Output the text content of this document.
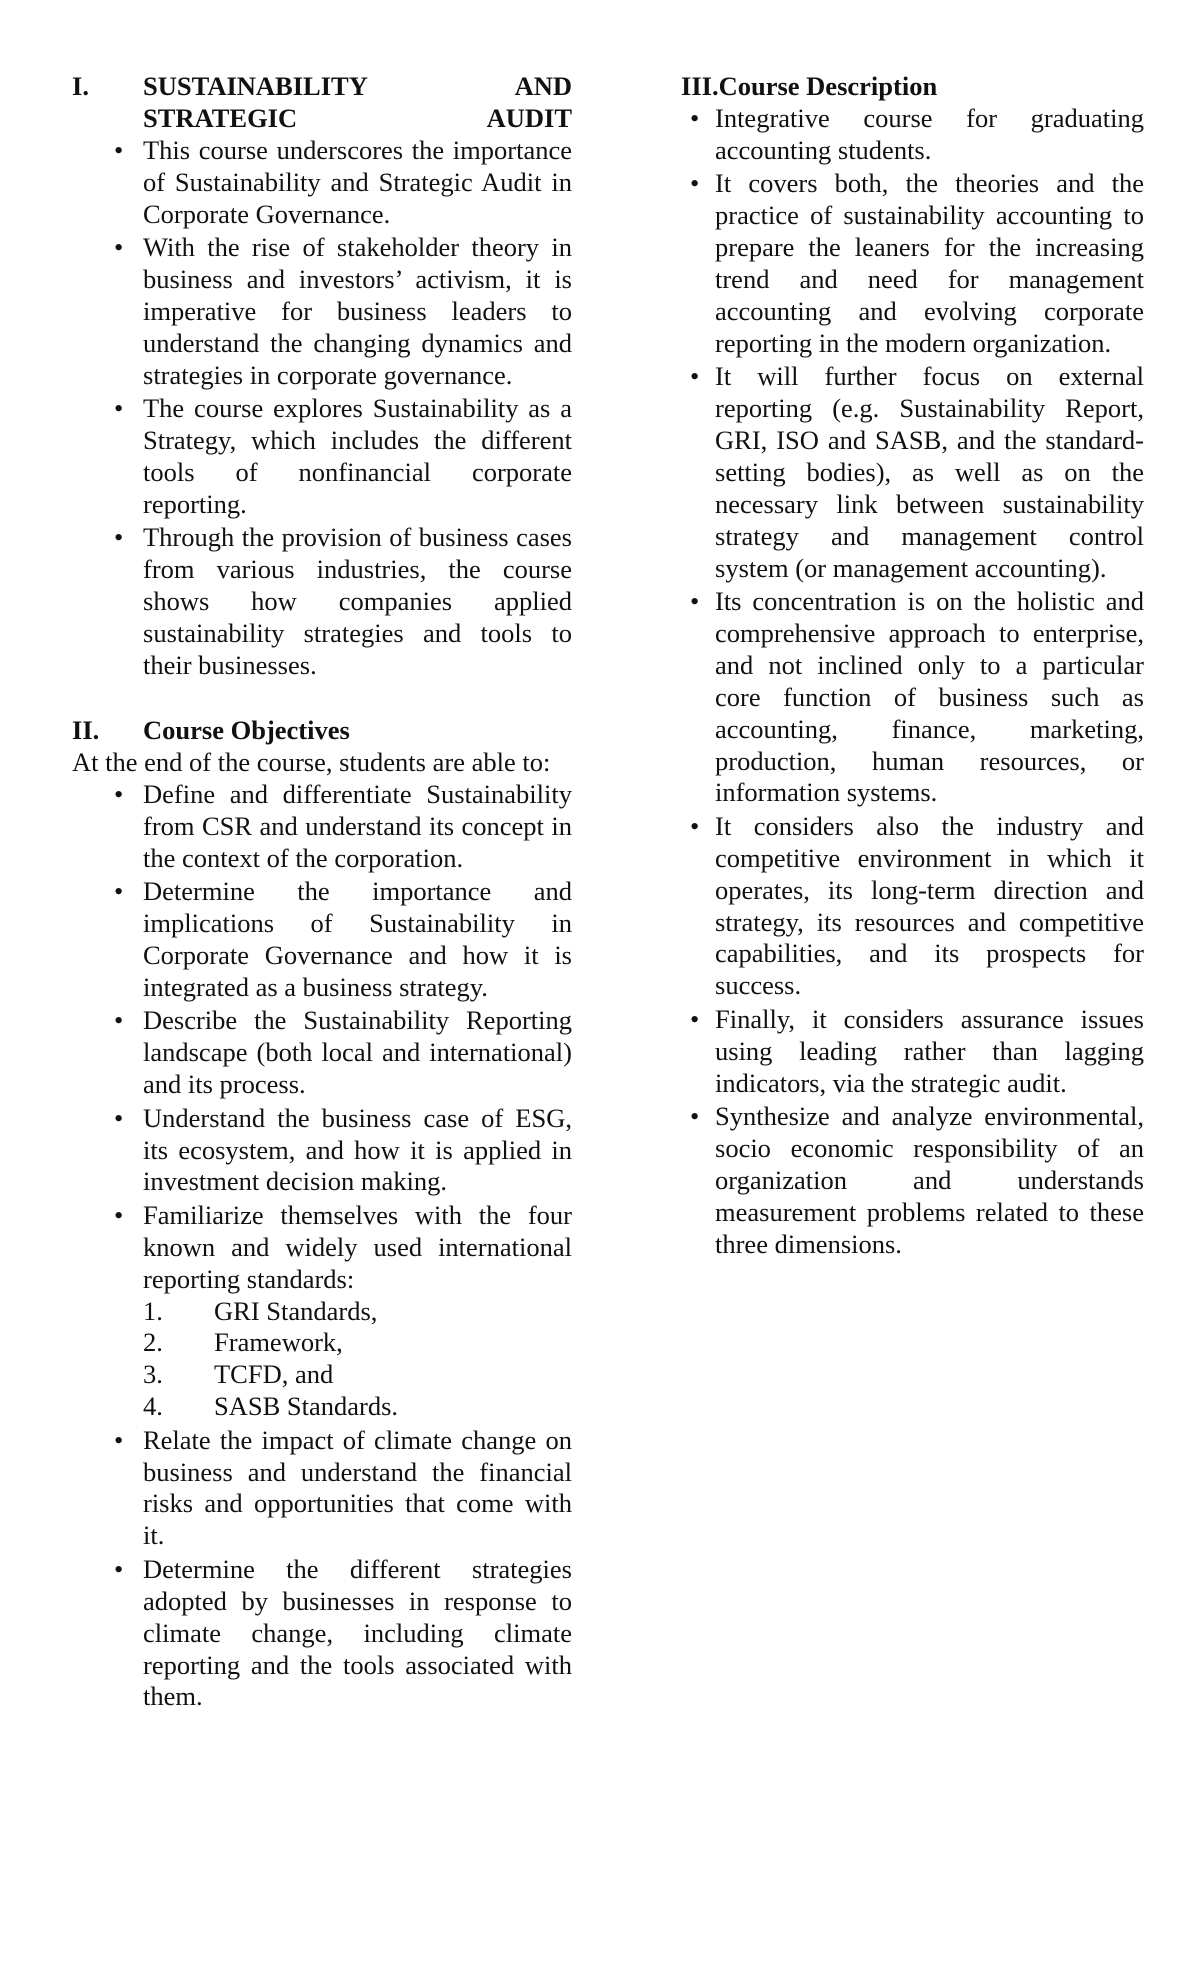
I.	SUSTAINABILITY AND STRATEGIC AUDIT
•
This course underscores the importance of Sustainability and Strategic Audit in Corporate Governance.
•
With the rise of stakeholder theory in business and investors’ activism, it is imperative for business leaders to understand the changing dynamics and strategies in corporate governance.
•
The course explores Sustainability as a Strategy, which includes the different tools of nonfinancial corporate reporting.
•
Through the provision of business cases from various industries, the course shows how companies applied sustainability strategies and tools to their businesses.
II.	Course Objectives

At the end of the course, students are able to:

•
Define and differentiate Sustainability from CSR and understand its concept in the context of the corporation.
•
Determine the importance and implications of Sustainability in Corporate Governance and how it is integrated as a business strategy.
•
Describe the Sustainability Reporting landscape (both local and international) and its process.
•
Understand the business case of ESG, its ecosystem, and how it is applied in investment decision making.
•
Familiarize themselves with the four known and widely used international reporting standards:
1. GRI Standards,
2. Framework,
3. TCFD, and
4. SASB Standards.
•
Relate the impact of climate change on business and understand the financial risks and opportunities that come with it.
•
Determine the different strategies adopted by businesses in response to climate change, including climate reporting and the tools associated with them.
III. Course Description
•
Integrative course for graduating accounting students.
•
It covers both, the theories and the practice of sustainability accounting to prepare the leaners for the increasing trend and need for management accounting and evolving corporate reporting in the modern organization.
•
It will further focus on external reporting (e.g. Sustainability Report, GRI, ISO and SASB, and the standard-setting bodies), as well as on the necessary link between sustainability strategy and management control system (or management accounting).
•
Its concentration is on the holistic and comprehensive approach to enterprise, and not inclined only to a particular core function of business such as accounting, finance, marketing, production, human resources, or information systems.
•
It considers also the industry and competitive environment in which it operates, its long-term direction and strategy, its resources and competitive capabilities, and its prospects for success.
•
Finally, it considers assurance issues using leading rather than lagging indicators, via the strategic audit.
•
Synthesize and analyze environmental, socio economic responsibility of an organization and understands measurement problems related to these three dimensions.
